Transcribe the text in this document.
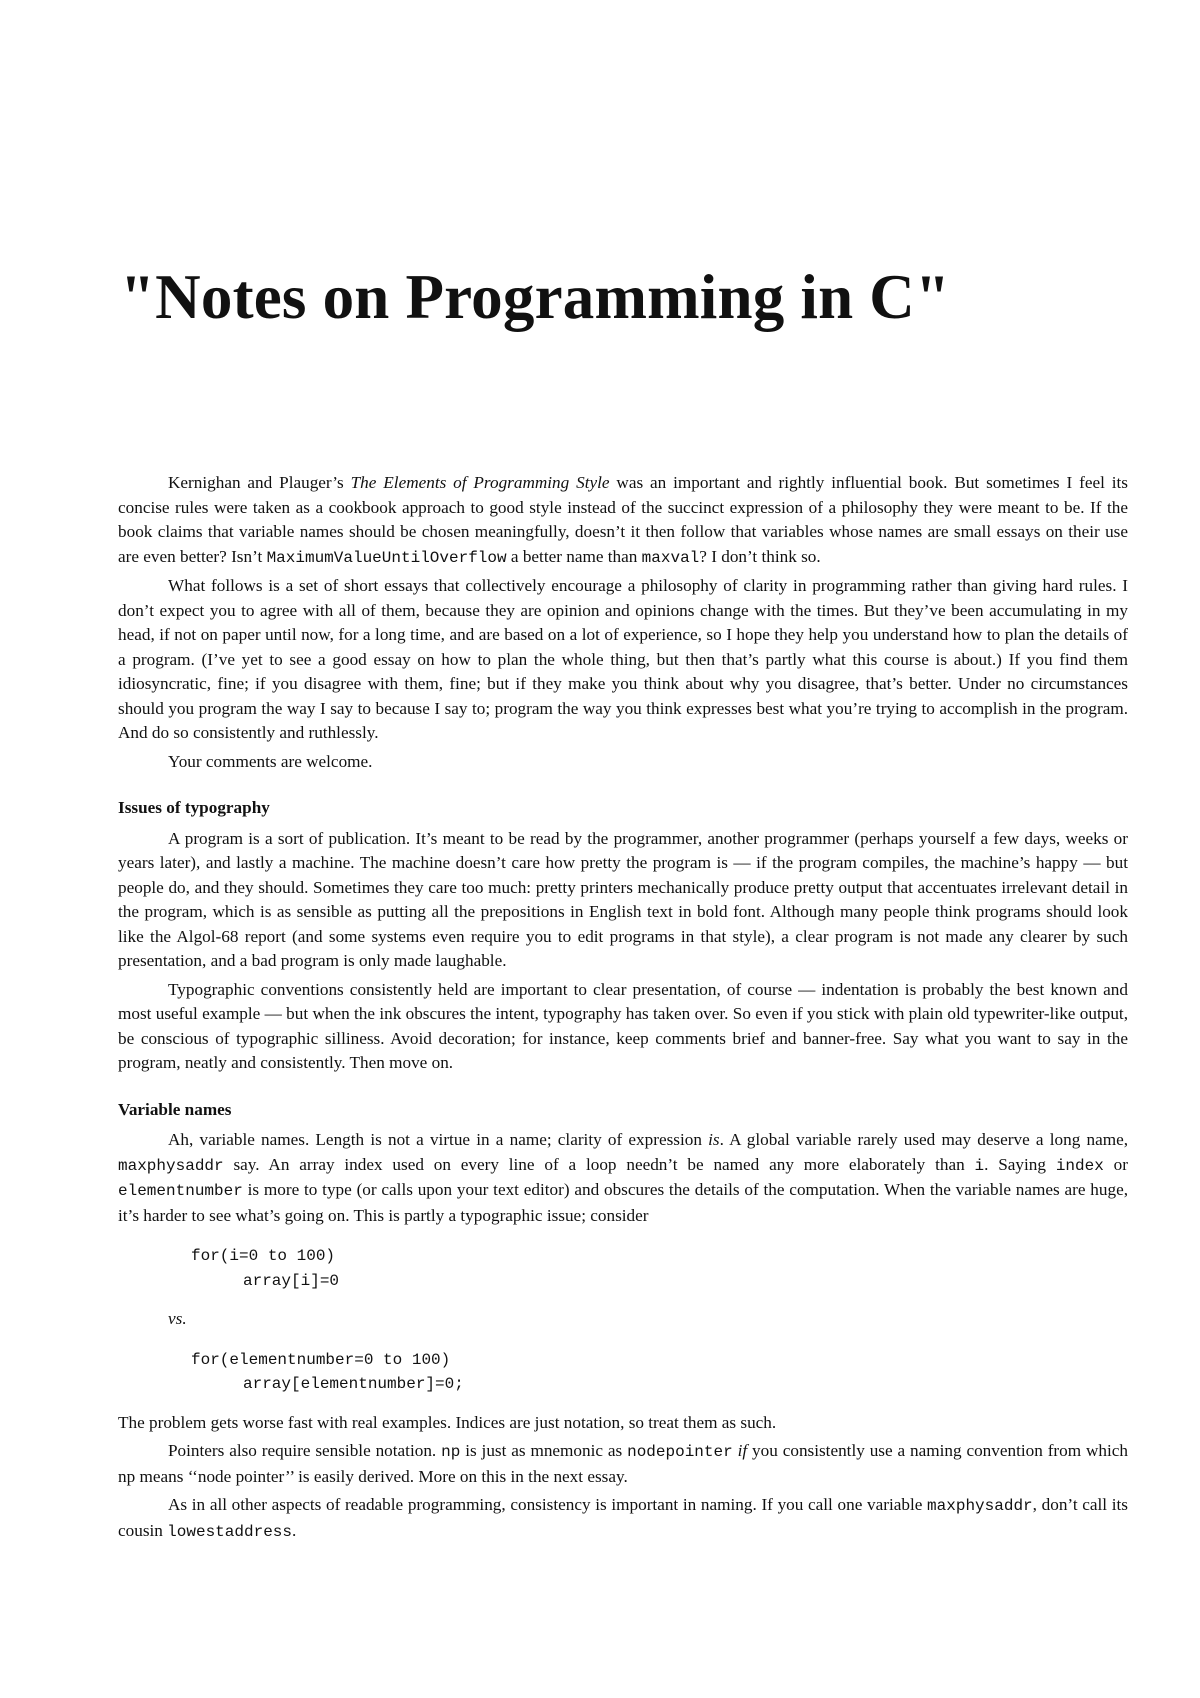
"Notes on Programming in C"

Kernighan and Plauger’s The Elements of Programming Style was an important and rightly influential book. But sometimes I feel its concise rules were taken as a cookbook approach to good style instead of the succinct expression of a philosophy they were meant to be. If the book claims that variable names should be chosen meaningfully, doesn’t it then follow that variables whose names are small essays on their use are even better? Isn’t MaximumValueUntilOverflow a better name than maxval? I don’t think so.

What follows is a set of short essays that collectively encourage a philosophy of clarity in programming rather than giving hard rules. I don’t expect you to agree with all of them, because they are opinion and opinions change with the times. But they’ve been accumulating in my head, if not on paper until now, for a long time, and are based on a lot of experience, so I hope they help you understand how to plan the details of a program. (I’ve yet to see a good essay on how to plan the whole thing, but then that’s partly what this course is about.) If you find them idiosyncratic, fine; if you disagree with them, fine; but if they make you think about why you disagree, that’s better. Under no circumstances should you program the way I say to because I say to; program the way you think expresses best what you’re trying to accomplish in the program. And do so consistently and ruthlessly.

Your comments are welcome.

Issues of typography

A program is a sort of publication. It’s meant to be read by the programmer, another programmer (perhaps yourself a few days, weeks or years later), and lastly a machine. The machine doesn’t care how pretty the program is — if the program compiles, the machine’s happy — but people do, and they should. Sometimes they care too much: pretty printers mechanically produce pretty output that accentuates irrelevant detail in the program, which is as sensible as putting all the prepositions in English text in bold font. Although many people think programs should look like the Algol-68 report (and some systems even require you to edit programs in that style), a clear program is not made any clearer by such presentation, and a bad program is only made laughable.

Typographic conventions consistently held are important to clear presentation, of course — indentation is probably the best known and most useful example — but when the ink obscures the intent, typography has taken over. So even if you stick with plain old typewriter-like output, be conscious of typographic silliness. Avoid decoration; for instance, keep comments brief and banner-free. Say what you want to say in the program, neatly and consistently. Then move on.

Variable names

Ah, variable names. Length is not a virtue in a name; clarity of expression is. A global variable rarely used may deserve a long name, maxphysaddr say. An array index used on every line of a loop needn’t be named any more elaborately than i. Saying index or elementnumber is more to type (or calls upon your text editor) and obscures the details of the computation. When the variable names are huge, it’s harder to see what’s going on. This is partly a typographic issue; consider

for(i=0 to 100)
array[i]=0

vs.

for(elementnumber=0 to 100)
array[elementnumber]=0;

The problem gets worse fast with real examples. Indices are just notation, so treat them as such.

Pointers also require sensible notation. np is just as mnemonic as nodepointer if you consistently use a naming convention from which np means ‘‘node pointer’’ is easily derived. More on this in the next essay.

As in all other aspects of readable programming, consistency is important in naming. If you call one variable maxphysaddr, don’t call its cousin lowestaddress.
